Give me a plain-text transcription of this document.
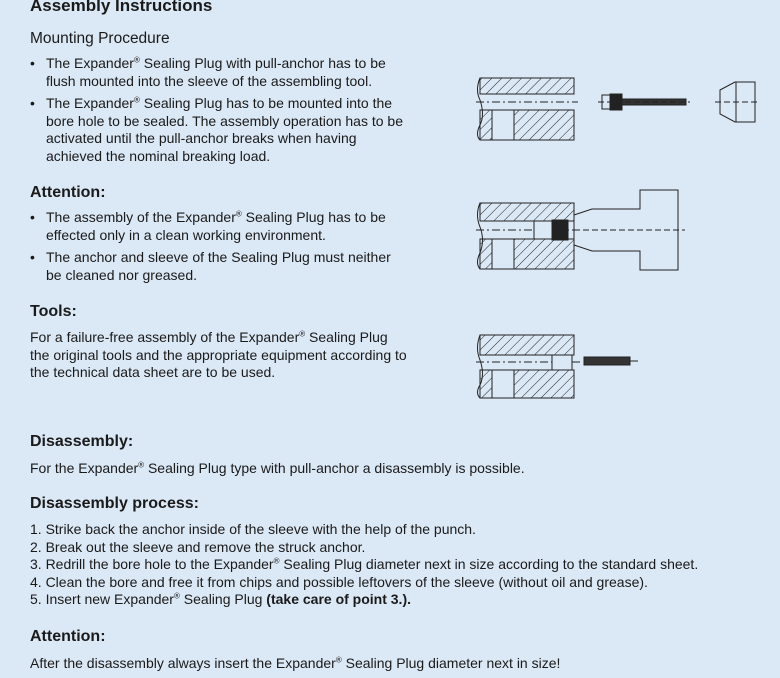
Assembly Instructions
Mounting Procedure
• The Expander® Sealing Plug with pull-anchor has to be flush mounted into the sleeve of the assembling tool.
• The Expander® Sealing Plug has to be mounted into the bore hole to be sealed. The assembly operation has to be activated until the pull-anchor breaks when having achieved the nominal breaking load.
Attention:
• The assembly of the Expander® Sealing Plug has to be effected only in a clean working environment.
• The anchor and sleeve of the Sealing Plug must neither be cleaned nor greased.
Tools:

For a failure-free assembly of the Expander® Sealing Plug the original tools and the appropriate equipment according to the technical data sheet are to be used.

Disassembly:

For the Expander® Sealing Plug type with pull-anchor a disassembly is possible.

Disassembly process:
1. Strike back the anchor inside of the sleeve with the help of the punch.
2. Break out the sleeve and remove the struck anchor.
3. Redrill the bore hole to the Expander® Sealing Plug diameter next in size according to the standard sheet.
4. Clean the bore and free it from chips and possible leftovers of the sleeve (without oil and grease).
5. Insert new Expander® Sealing Plug (take care of point 3.).
Attention:

After the disassembly always insert the Expander® Sealing Plug diameter next in size!
